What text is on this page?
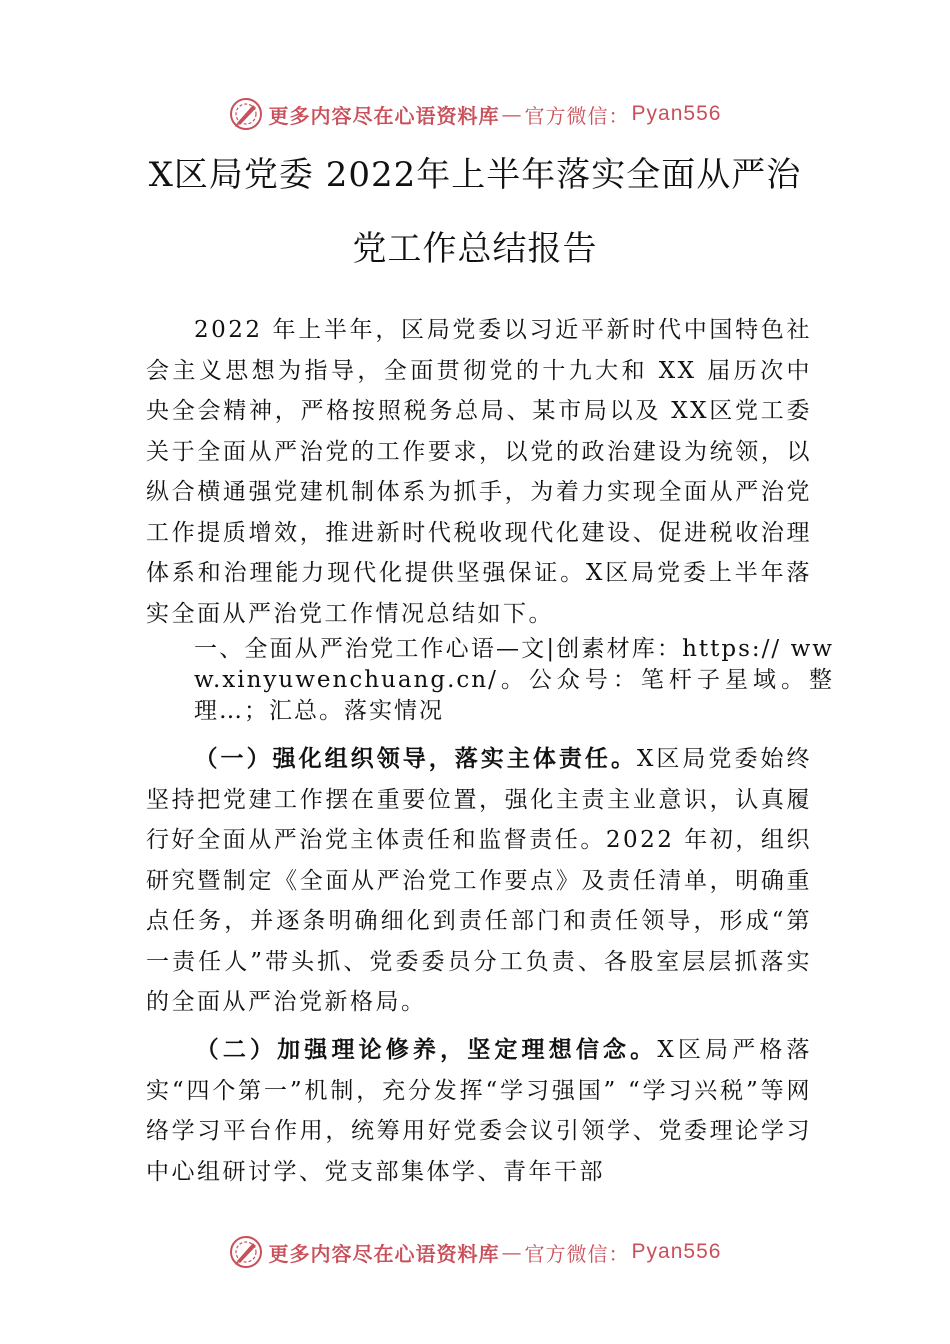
更多内容尽在心语资料库 — 官方微信： Pyan556
X区局党委 2022年上半年落实全面从严治
党工作总结报告
2022 年上半年，区局党委以习近平新时代中国特色社会主义思想为指导，全面贯彻党的十九大和 XX 届历次中央全会精神，严格按照税务总局、某市局以及 XX区党工委关于全面从严治党的工作要求，以党的政治建设为统领，以纵合横通强党建机制体系为抓手，为着力实现全面从严治党工作提质增效，推进新时代税收现代化建设、促进税收治理体系和治理能力现代化提供坚强保证。X区局党委上半年落实全面从严治党工作情况总结如下。
一、全面从严治党工作心语—文|创素材库：https:// www.xinyuwenchuang.cn/。公众号：笔杆子星域。整理…；汇总。落实情况
（一）强化组织领导，落实主体责任。X区局党委始终坚持把党建工作摆在重要位置，强化主责主业意识，认真履行好全面从严治党主体责任和监督责任。2022 年初，组织研究暨制定《全面从严治党工作要点》及责任清单，明确重点任务，并逐条明确细化到责任部门和责任领导，形成“第一责任人”带头抓、党委委员分工负责、各股室层层抓落实的全面从严治党新格局。
（二）加强理论修养，坚定理想信念。X区局严格落实“四个第一”机制，充分发挥“学习强国” “学习兴税”等网络学习平台作用，统筹用好党委会议引领学、党委理论学习中心组研讨学、党支部集体学、青年干部
更多内容尽在心语资料库 — 官方微信： Pyan556
